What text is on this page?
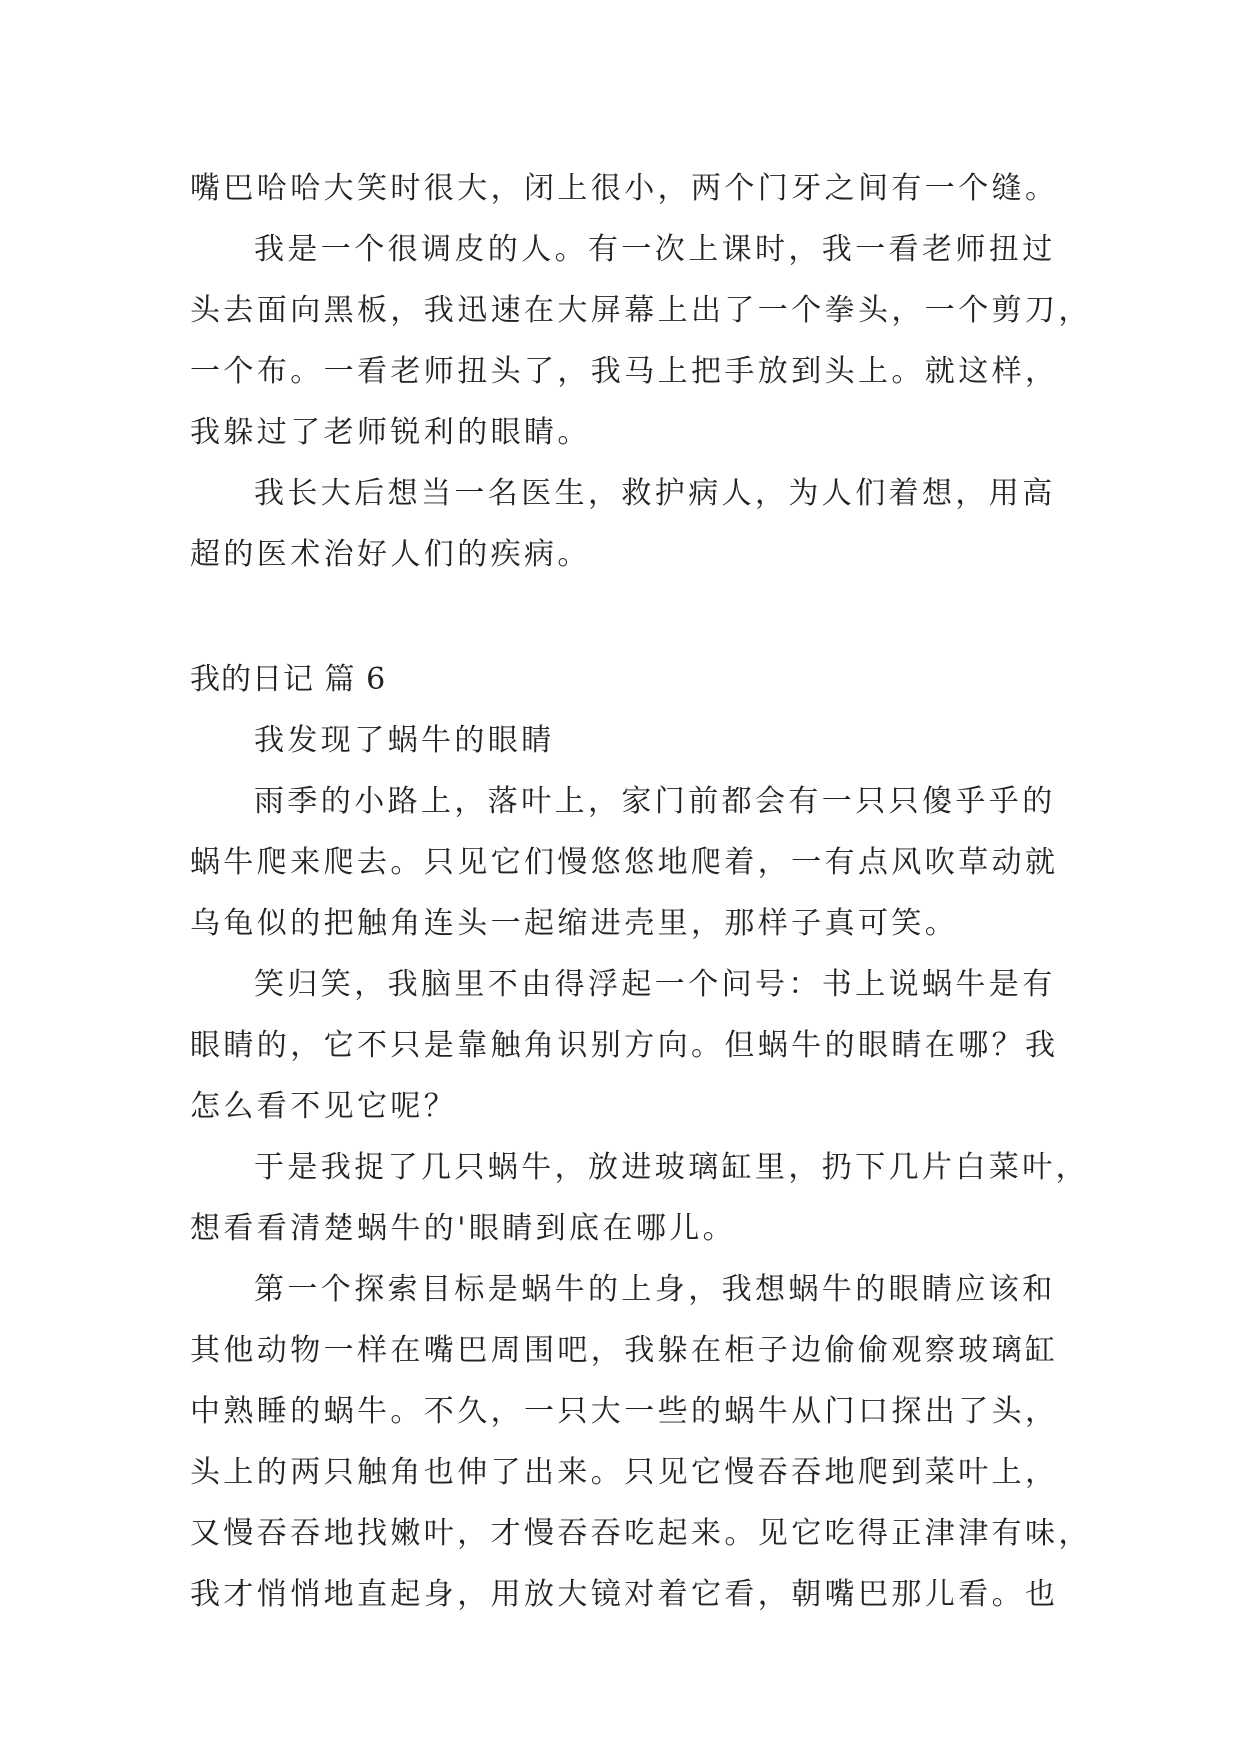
嘴巴哈哈大笑时很大，闭上很小，两个门牙之间有一个缝。
我是一个很调皮的人。有一次上课时，我一看老师扭过
头去面向黑板，我迅速在大屏幕上出了一个拳头，一个剪刀，
一个布。一看老师扭头了，我马上把手放到头上。就这样，
我躲过了老师锐利的眼睛。
我长大后想当一名医生，救护病人，为人们着想，用高
超的医术治好人们的疾病。
我的日记 篇 6
我发现了蜗牛的眼睛
雨季的小路上，落叶上，家门前都会有一只只傻乎乎的
蜗牛爬来爬去。只见它们慢悠悠地爬着，一有点风吹草动就
乌龟似的把触角连头一起缩进壳里，那样子真可笑。
笑归笑，我脑里不由得浮起一个问号：书上说蜗牛是有
眼睛的，它不只是靠触角识别方向。但蜗牛的眼睛在哪？我
怎么看不见它呢？
于是我捉了几只蜗牛，放进玻璃缸里，扔下几片白菜叶，
想看看清楚蜗牛的'眼睛到底在哪儿。
第一个探索目标是蜗牛的上身，我想蜗牛的眼睛应该和
其他动物一样在嘴巴周围吧，我躲在柜子边偷偷观察玻璃缸
中熟睡的蜗牛。不久，一只大一些的蜗牛从门口探出了头，
头上的两只触角也伸了出来。只见它慢吞吞地爬到菜叶上，
又慢吞吞地找嫩叶，才慢吞吞吃起来。见它吃得正津津有味，
我才悄悄地直起身，用放大镜对着它看，朝嘴巴那儿看。也
